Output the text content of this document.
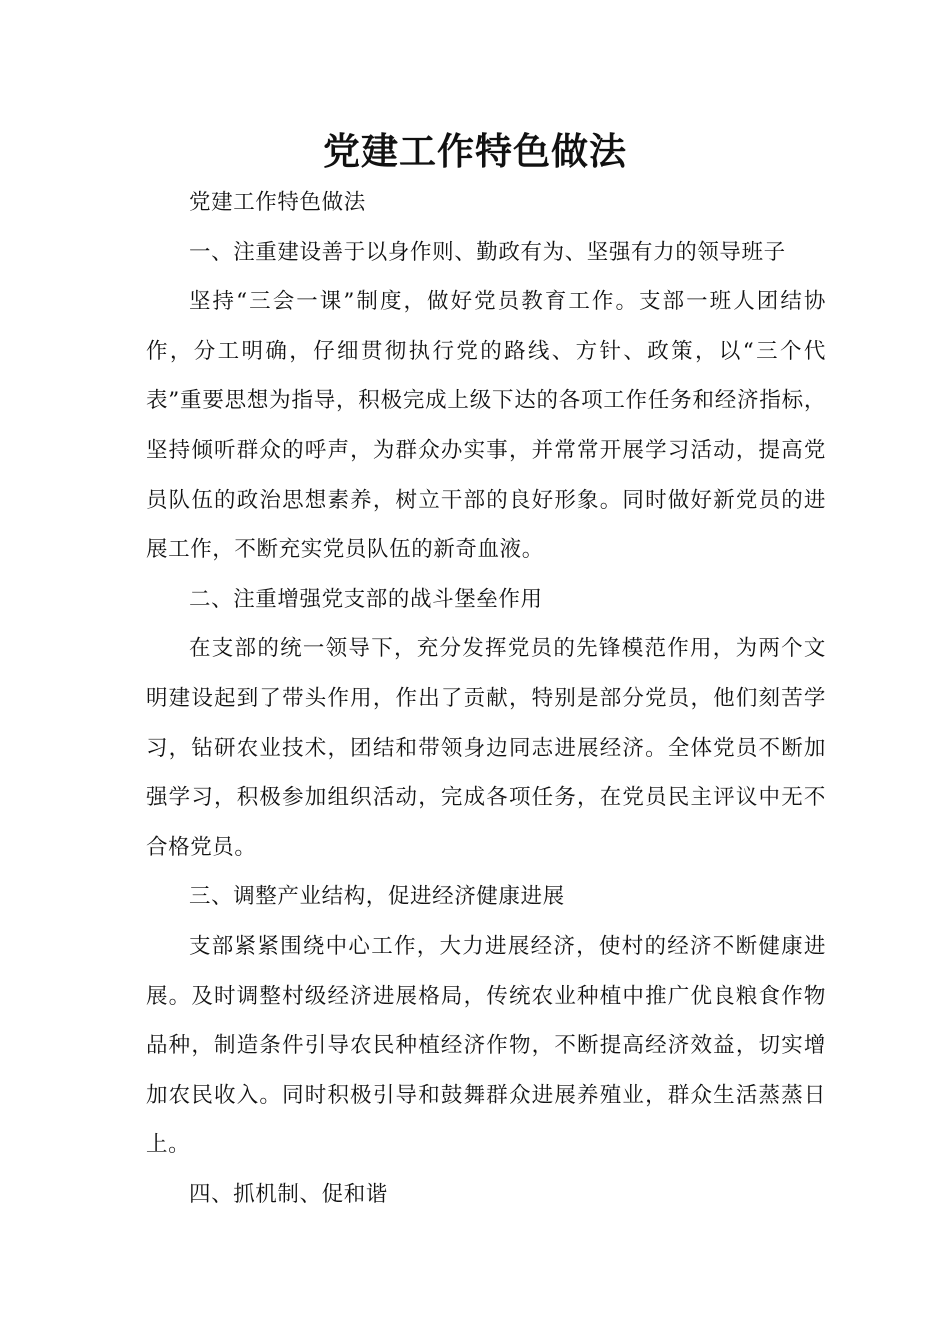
党建工作特色做法

党建工作特色做法

一、注重建设善于以身作则、勤政有为、坚强有力的领导班子

坚持“三会一课”制度，做好党员教育工作。支部一班人团结协作，分工明确，仔细贯彻执行党的路线、方针、政策，以“三个代表”重要思想为指导，积极完成上级下达的各项工作任务和经济指标，坚持倾听群众的呼声，为群众办实事，并常常开展学习活动，提高党员队伍的政治思想素养，树立干部的良好形象。同时做好新党员的进展工作，不断充实党员队伍的新奇血液。

二、注重增强党支部的战斗堡垒作用

在支部的统一领导下，充分发挥党员的先锋模范作用，为两个文明建设起到了带头作用，作出了贡献，特别是部分党员，他们刻苦学习，钻研农业技术，团结和带领身边同志进展经济。全体党员不断加强学习，积极参加组织活动，完成各项任务，在党员民主评议中无不合格党员。

三、调整产业结构，促进经济健康进展

支部紧紧围绕中心工作，大力进展经济，使村的经济不断健康进展。及时调整村级经济进展格局，传统农业种植中推广优良粮食作物品种，制造条件引导农民种植经济作物，不断提高经济效益，切实增加农民收入。同时积极引导和鼓舞群众进展养殖业，群众生活蒸蒸日上。

四、抓机制、促和谐
